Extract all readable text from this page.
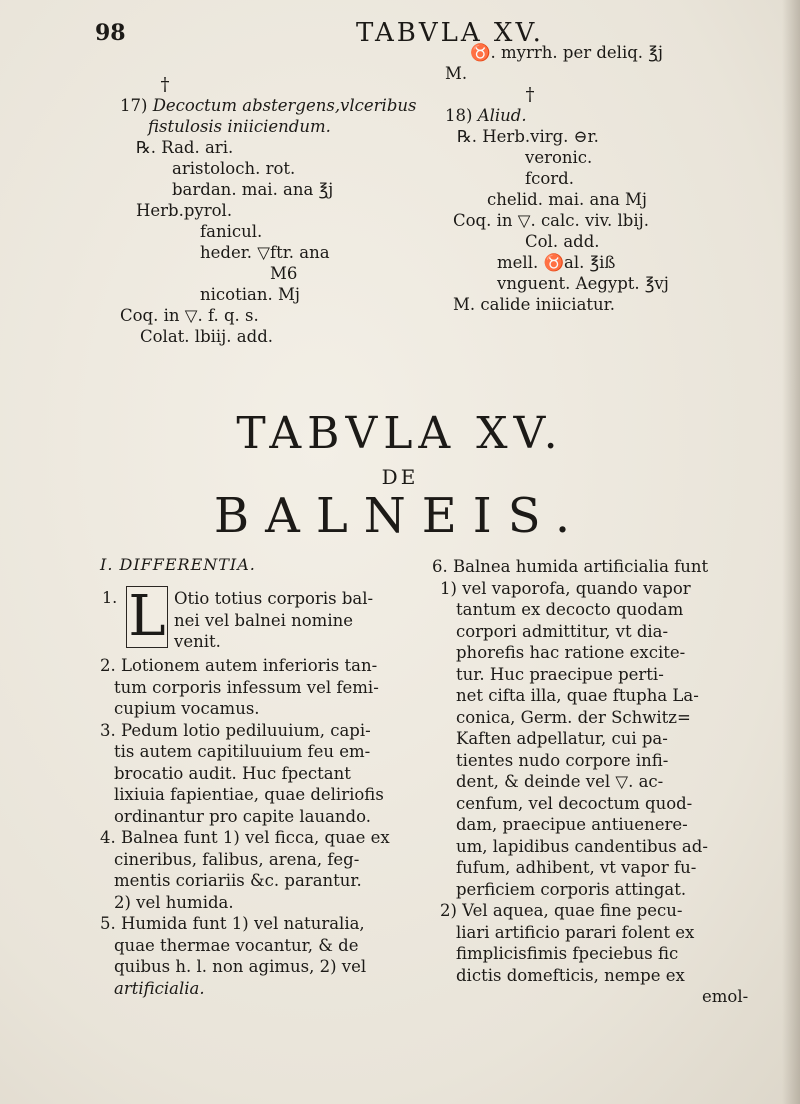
98	TABVLA XV.
†
17) Decoctum abstergens,vlceribus
fistulosis iniiciendum.
℞. Rad. ari.
aristoloch. rot.
bardan. mai. ana ℥j
Herb.pyrol.
fanicul.
heder. ▽ftr. ana
M6
nicotian. Mj
Coq. in ▽. f. q. s.
Colat. lbiij. add.
♉. myrrh. per deliq. ℥j
M.
†
18) Aliud.
℞. Herb.virg. ⊖r.
veronic.
fcord.
chelid. mai. ana Mj
Coq. in ▽. calc. viv. lbij.
Col. add.
mell. ♉al. ℥iß
vnguent. Aegypt. ℥vj
M. calide iniiciatur.
TABVLA XV.
DE
BALNEIS.
I. DIFFERENTIA.
1. L Otio totius corporis bal-
nei vel balnei nomine
venit.
2. Lotionem autem inferioris tan-
tum corporis infessum vel femi-
cupium vocamus.
3. Pedum lotio pediluuium, capi-
tis autem capitiluuium feu em-
brocatio audit. Huc fpectant
lixiuia fapientiae, quae deliriofis
ordinantur pro capite lauando.
4. Balnea funt 1) vel ficca, quae ex
cineribus, falibus, arena, feg-
mentis coriariis &c. parantur.
2) vel humida.
5. Humida funt 1) vel naturalia,
quae thermae vocantur, & de
quibus h. l. non agimus, 2) vel
artificialia.
6. Balnea humida artificialia funt
1) vel vaporofa, quando vapor
tantum ex decocto quodam
corpori admittitur, vt dia-
phorefis hac ratione excite-
tur. Huc praecipue perti-
net cifta illa, quae ftupha La-
conica, Germ. der Schwitz=
Kaften adpellatur, cui pa-
tientes nudo corpore infi-
dent, & deinde vel ▽. ac-
cenfum, vel decoctum quod-
dam, praecipue antiuenere-
um, lapidibus candentibus ad-
fufum, adhibent, vt vapor fu-
perficiem corporis attingat.
2) Vel aquea, quae fine pecu-
liari artificio parari folent ex
fimplicisfimis fpeciebus fic
dictis domefticis, nempe ex
emol-
